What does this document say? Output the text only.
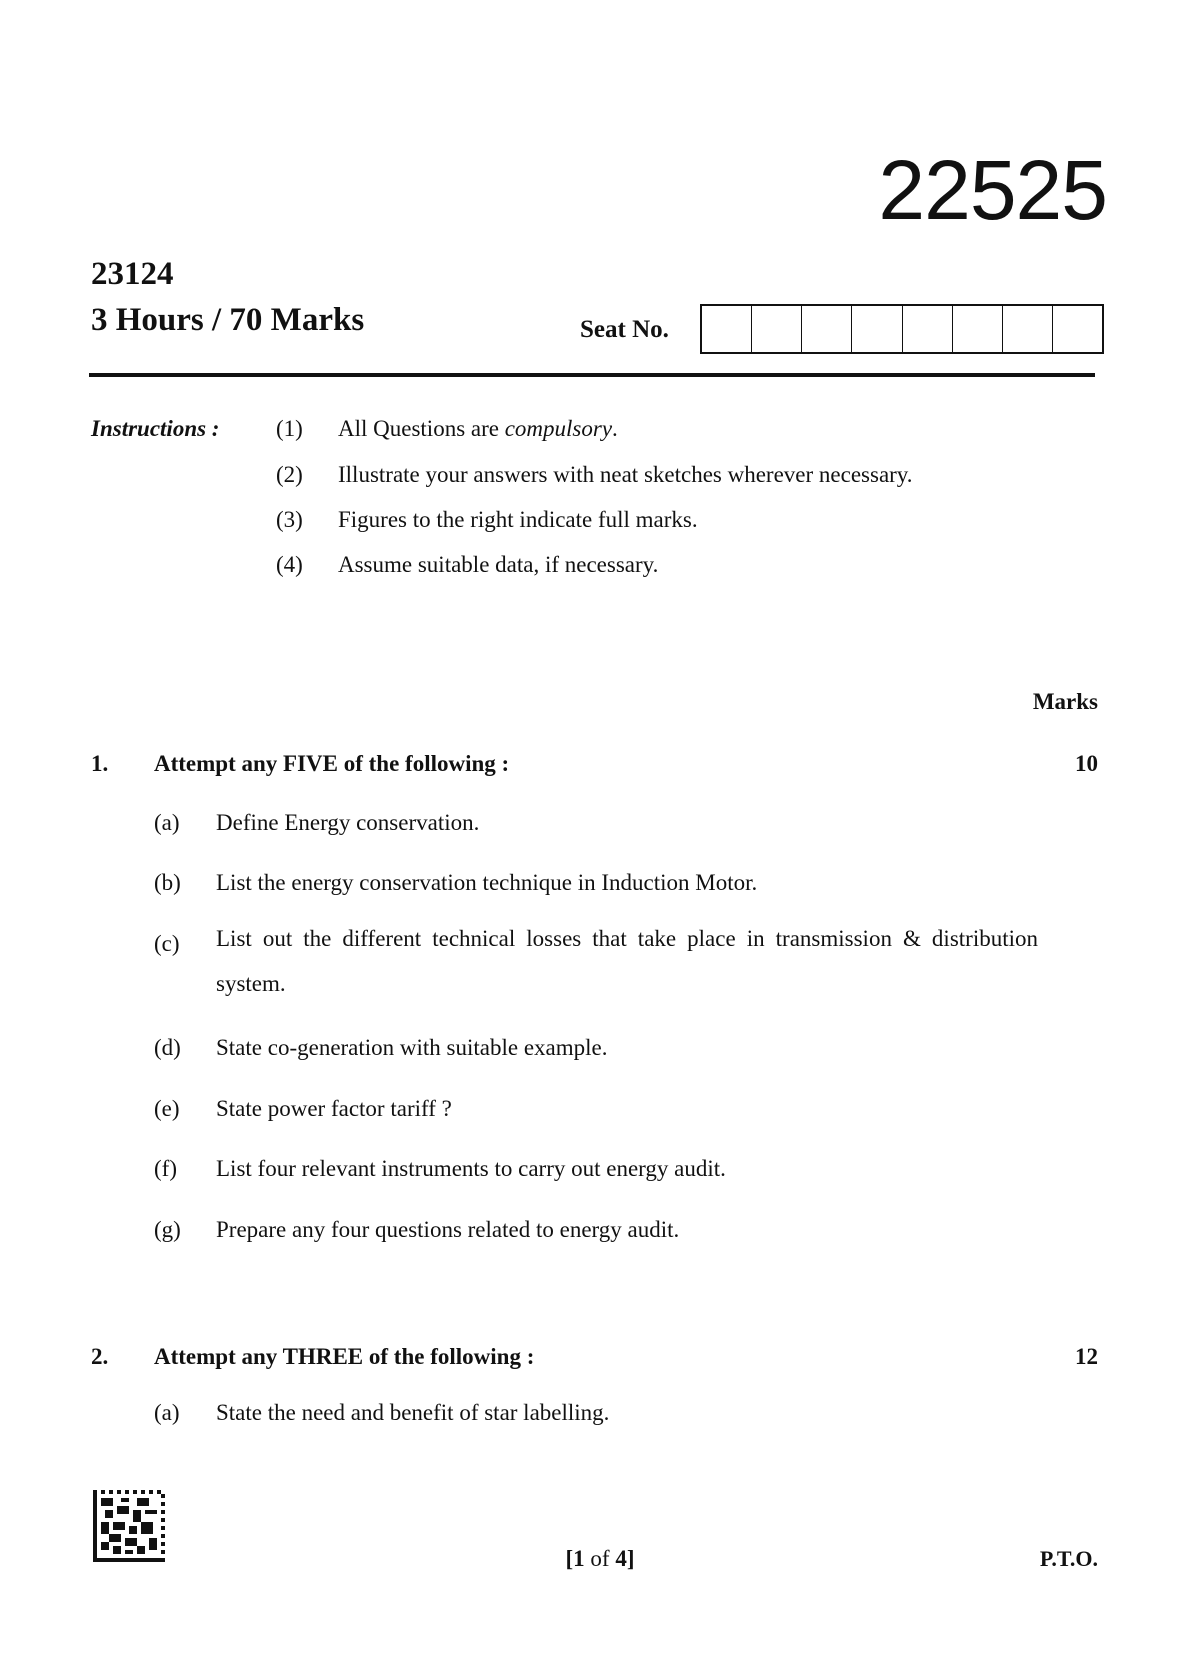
22525
23124
3 Hours / 70 Marks	Seat No.
Instructions : (1) All Questions are compulsory.
(2) Illustrate your answers with neat sketches wherever necessary.
(3) Figures to the right indicate full marks.
(4) Assume suitable data, if necessary.
Marks
1. Attempt any FIVE of the following :	10
(a) Define Energy conservation.
(b) List the energy conservation technique in Induction Motor.
(c) List out the different technical losses that take place in transmission & distribution system.
(d) State co-generation with suitable example.
(e) State power factor tariff ?
(f) List four relevant instruments to carry out energy audit.
(g) Prepare any four questions related to energy audit.
2. Attempt any THREE of the following :	12
(a) State the need and benefit of star labelling.
[1 of 4]	P.T.O.
